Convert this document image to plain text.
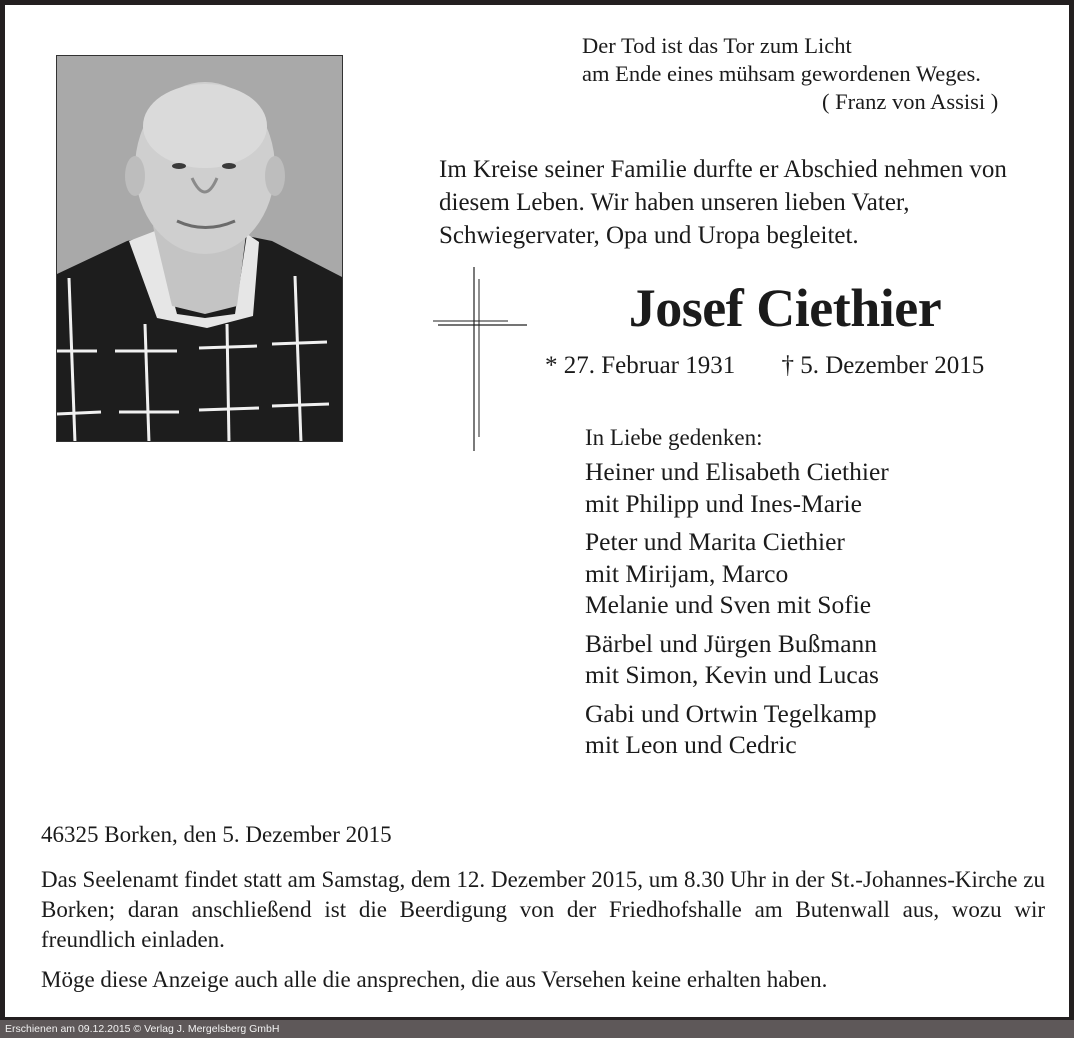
Der Tod ist das Tor zum Licht
am Ende eines mühsam gewordenen Weges.
( Franz von Assisi )
Im Kreise seiner Familie durfte er Abschied nehmen von diesem Leben. Wir haben unseren lieben Vater, Schwiegervater, Opa und Uropa begleitet.
Josef Ciethier
* 27. Februar 1931 † 5. Dezember 2015
In Liebe gedenken:
Heiner und Elisabeth Ciethier
mit Philipp und Ines-Marie
Peter und Marita Ciethier
mit Mirijam, Marco
Melanie und Sven mit Sofie
Bärbel und Jürgen Bußmann
mit Simon, Kevin und Lucas
Gabi und Ortwin Tegelkamp
mit Leon und Cedric
46325 Borken, den 5. Dezember 2015
Das Seelenamt findet statt am Samstag, dem 12. Dezember 2015, um 8.30 Uhr in der St.-Johannes-Kirche zu Borken; daran anschließend ist die Beerdigung von der Friedhofshalle am Butenwall aus, wozu wir freundlich einladen.
Möge diese Anzeige auch alle die ansprechen, die aus Versehen keine erhalten haben.
Erschienen am 09.12.2015 © Verlag J. Mergelsberg GmbH
